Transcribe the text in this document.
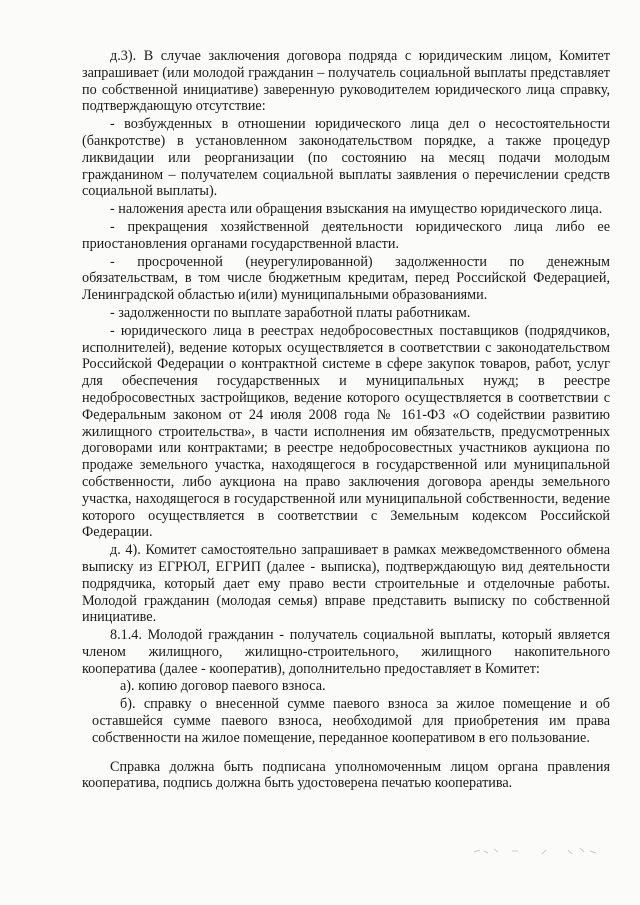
д.3). В случае заключения договора подряда с юридическим лицом, Комитет запрашивает (или молодой гражданин – получатель социальной выплаты представляет по собственной инициативе) заверенную руководителем юридического лица справку, подтверждающую отсутствие:

- возбужденных в отношении юридического лица дел о несостоятельности (банкротстве) в установленном законодательством порядке, а также процедур ликвидации или реорганизации (по состоянию на месяц подачи молодым гражданином – получателем социальной выплаты заявления о перечислении средств социальной выплаты).

- наложения ареста или обращения взыскания на имущество юридического лица.

- прекращения хозяйственной деятельности юридического лица либо ее приостановления органами государственной власти.

- просроченной (неурегулированной) задолженности по денежным обязательствам, в том числе бюджетным кредитам, перед Российской Федерацией, Ленинградской областью и(или) муниципальными образованиями.

- задолженности по выплате заработной платы работникам.

- юридического лица в реестрах недобросовестных поставщиков (подрядчиков, исполнителей), ведение которых осуществляется в соответствии с законодательством Российской Федерации о контрактной системе в сфере закупок товаров, работ, услуг для обеспечения государственных и муниципальных нужд; в реестре недобросовестных застройщиков, ведение которого осуществляется в соответствии с Федеральным законом от 24 июля 2008 года № 161-ФЗ «О содействии развитию жилищного строительства», в части исполнения им обязательств, предусмотренных договорами или контрактами; в реестре недобросовестных участников аукциона по продаже земельного участка, находящегося в государственной или муниципальной собственности, либо аукциона на право заключения договора аренды земельного участка, находящегося в государственной или муниципальной собственности, ведение которого осуществляется в соответствии с Земельным кодексом Российской Федерации.

д. 4). Комитет самостоятельно запрашивает в рамках межведомственного обмена выписку из ЕГРЮЛ, ЕГРИП (далее - выписка), подтверждающую вид деятельности подрядчика, который дает ему право вести строительные и отделочные работы. Молодой гражданин (молодая семья) вправе представить выписку по собственной инициативе.

8.1.4. Молодой гражданин - получатель социальной выплаты, который является членом жилищного, жилищно-строительного, жилищного накопительного кооператива (далее - кооператив), дополнительно предоставляет в Комитет:

а). копию договор паевого взноса.

б). справку о внесенной сумме паевого взноса за жилое помещение и об оставшейся сумме паевого взноса, необходимой для приобретения им права собственности на жилое помещение, переданное кооперативом в его пользование.

Справка должна быть подписана уполномоченным лицом органа правления кооператива, подпись должна быть удостоверена печатью кооператива.
